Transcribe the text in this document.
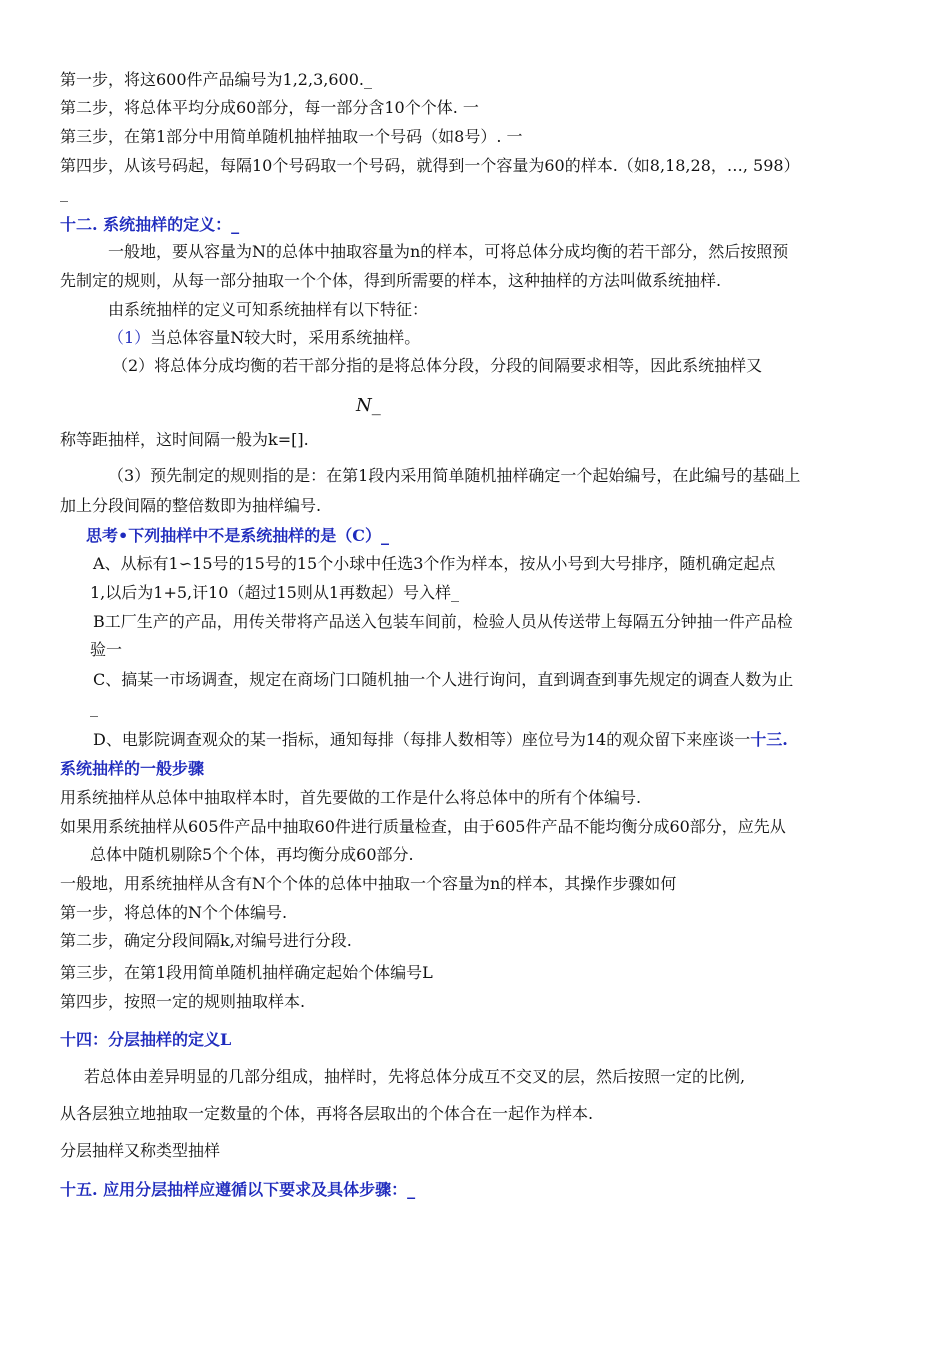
第一步，将这600件产品编号为1,2,3,600._
第二步，将总体平均分成60部分，每一部分含10个个体. 一
第三步，在第1部分中用简单随机抽样抽取一个号码（如8号）. 一
第四步，从该号码起，每隔10个号码取一个号码，就得到一个容量为60的样本.（如8,18,28，…, 598）
_
十二. 系统抽样的定义：_
一般地，要从容量为N的总体中抽取容量为n的样本，可将总体分成均衡的若干部分，然后按照预
先制定的规则，从每一部分抽取一个个体，得到所需要的样本，这种抽样的方法叫做系统抽样.
由系统抽样的定义可知系统抽样有以下特征：
（1）当总体容量N较大时，采用系统抽样。
（2）将总体分成均衡的若干部分指的是将总体分段，分段的间隔要求相等，因此系统抽样又
N_
称等距抽样，这时间隔一般为k=[].
（3）预先制定的规则指的是：在第1段内采用简单随机抽样确定一个起始编号，在此编号的基础上
加上分段间隔的整倍数即为抽样编号.
思考•下列抽样中不是系统抽样的是（C）_
A、从标有1∽15号的15号的15个小球中任选3个作为样本，按从小号到大号排序，随机确定起点
1,以后为1+5,讦10（超过15则从1再数起）号入样_
B工厂生产的产品，用传关带将产品送入包装车间前，检验人员从传送带上每隔五分钟抽一件产品检
验一
C、搞某一市场调查，规定在商场门口随机抽一个人进行询问，直到调查到事先规定的调查人数为止
_
D、电影院调查观众的某一指标，通知每排（每排人数相等）座位号为14的观众留下来座谈一十三.
系统抽样的一般步骤
用系统抽样从总体中抽取样本时，首先要做的工作是什么将总体中的所有个体编号.
如果用系统抽样从605件产品中抽取60件进行质量检查，由于605件产品不能均衡分成60部分，应先从
总体中随机剔除5个个体，再均衡分成60部分.
一般地，用系统抽样从含有N个个体的总体中抽取一个容量为n的样本，其操作步骤如何
第一步，将总体的N个个体编号.
第二步，确定分段间隔k,对编号进行分段.
第三步，在第1段用简单随机抽样确定起始个体编号L
第四步，按照一定的规则抽取样本.
十四：分层抽样的定义L
若总体由差异明显的几部分组成，抽样时，先将总体分成互不交叉的层，然后按照一定的比例,
从各层独立地抽取一定数量的个体，再将各层取出的个体合在一起作为样本.
分层抽样又称类型抽样
十五. 应用分层抽样应遵循以下要求及具体步骤：_
